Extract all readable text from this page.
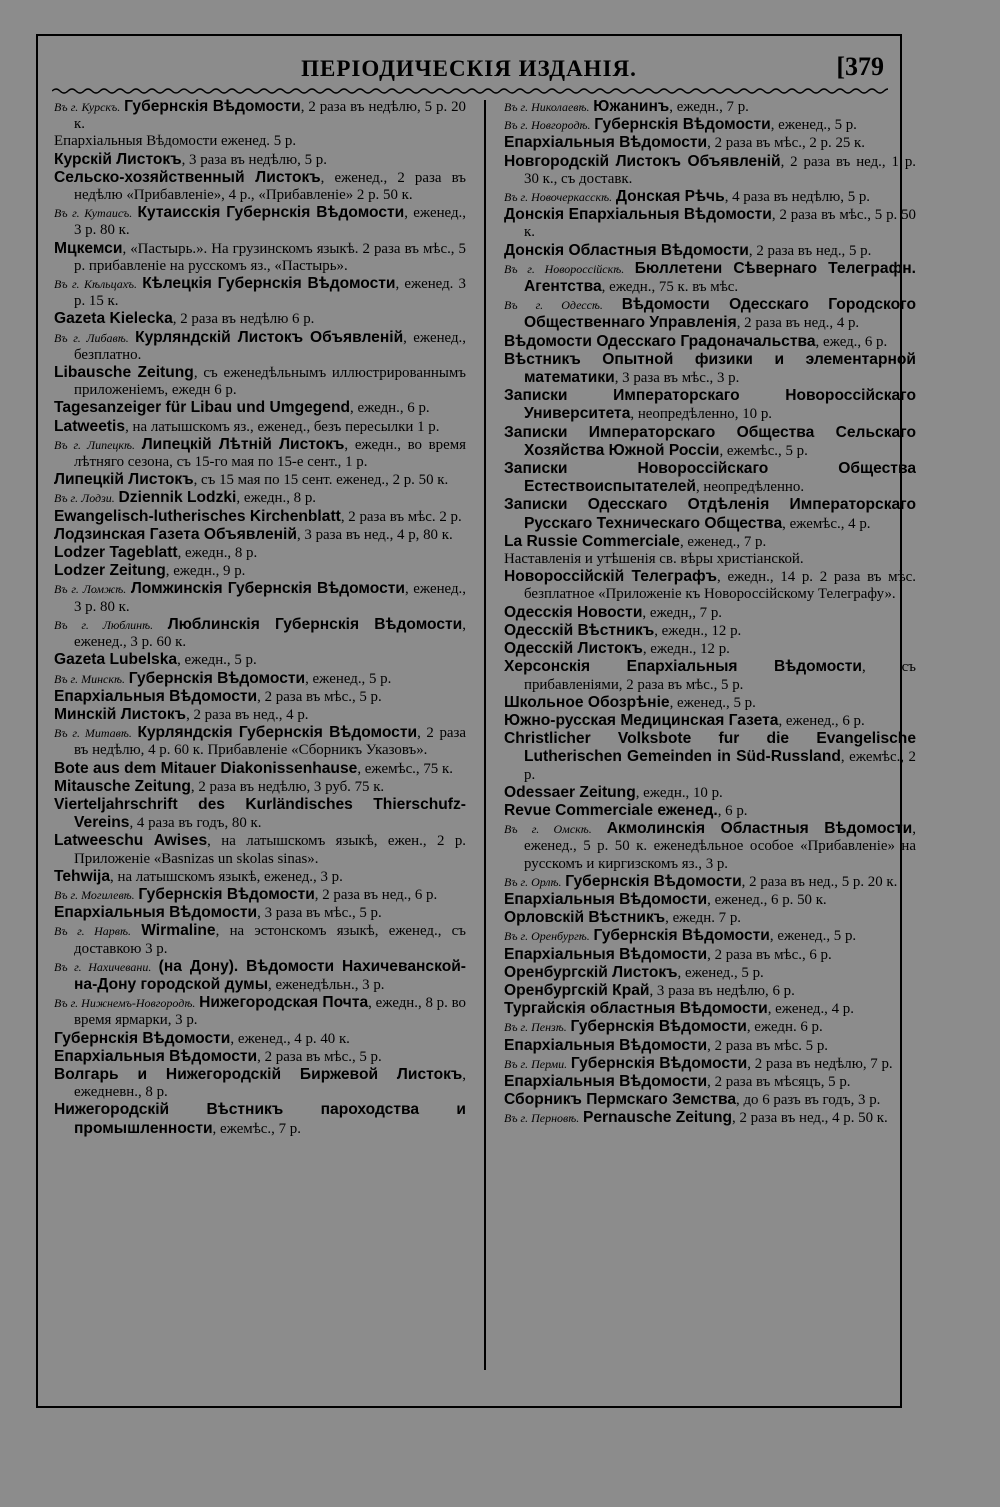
ПЕРІОДИЧЕСКІЯ ИЗДАНІЯ.	[379

Въ г. Курскъ. Губернскія Вѣдомости, 2 раза въ недѣлю, 5 р. 20 к.

Епархіальныя Вѣдомости еженед. 5 р.

Курскій Листокъ, 3 раза въ недѣлю, 5 р.

Сельско-хозяйственный Листокъ, еженед., 2 раза въ недѣлю «Прибавленіе», 4 р., «Прибавленіе» 2 р. 50 к.

Въ г. Кутаисъ. Кутаисскія Губернскія Вѣдомости, еженед., 3 р. 80 к.

Мцкемси, «Пастырь.». На грузинскомъ языкѣ. 2 раза въ мѣс., 5 р. прибавленіе на русскомъ яз., «Пастырь».

Въ г. Кѣльцахъ. Кѣлецкія Губернскія Вѣдомости, еженед. 3 р. 15 к.

Gazeta Kielecka, 2 раза въ недѣлю 6 р.

Въ г. Либавѣ. Курляндскій Листокъ Объявленій, еженед., безплатно.

Libausche Zeitung, съ еженедѣльнымъ иллюстрированнымъ приложеніемъ, ежедн 6 р.

Tagesanzeiger für Libau und Umgegend, ежедн., 6 р.

Latweetis, на латышскомъ яз., еженед., безъ пересылки 1 р.

Въ г. Липецкѣ. Липецкій Лѣтній Листокъ, ежедн., во время лѣтняго сезона, съ 15-го мая по 15-е сент., 1 р.

Липецкій Листокъ, съ 15 мая по 15 сент. еженед., 2 р. 50 к.

Въ г. Лодзи. Dziennik Lodzki, ежедн., 8 р.

Ewangelisch-lutherisches Kirchenblatt, 2 раза въ мѣс. 2 р.

Лодзинская Газета Объявленій, 3 раза въ нед., 4 р, 80 к.

Lodzer Tageblatt, ежедн., 8 р.

Lodzer Zeitung, ежедн., 9 р.

Въ г. Ломжѣ. Ломжинскія Губернскія Вѣдомости, еженед., 3 р. 80 к.

Въ г. Люблинѣ. Люблинскія Губернскія Вѣдомости, еженед., 3 р. 60 к.

Gazeta Lubelska, ежедн., 5 р.

Въ г. Минскѣ. Губернскія Вѣдомости, еженед., 5 р.

Епархіальныя Вѣдомости, 2 раза въ мѣс., 5 р.

Минскій Листокъ, 2 раза въ нед., 4 р.

Въ г. Митавѣ. Курляндскія Губернскія Вѣдомости, 2 раза въ недѣлю, 4 р. 60 к. Прибавленіе «Сборникъ Указовъ».

Bote aus dem Mitauer Diakonissenhause, ежемѣс., 75 к.

Mitausche Zeitung, 2 раза въ недѣлю, 3 руб. 75 к.

Vierteljahrschrift des Kurländisches Thierschufz-Vereins, 4 раза въ годъ, 80 к.

Latweeschu Awises, на латышскомъ языкѣ, ежен., 2 р. Приложеніе «Basnizas un skolas sinas».

Tehwija, на латышскомъ языкѣ, еженед., 3 р.

Въ г. Могилевѣ. Губернскія Вѣдомости, 2 раза въ нед., 6 р.

Епархіальныя Вѣдомости, 3 раза въ мѣс., 5 р.

Въ г. Нарвѣ. Wirmaline, на эстонскомъ языкѣ, еженед., съ доставкою 3 р.

Въ г. Нахичевани. (на Дону). Вѣдомости Нахичеванской-на-Дону городской думы, еженедѣльн., 3 р.

Въ г. Нижнемъ-Новгородѣ. Нижегородская Почта, ежедн., 8 р. во время ярмарки, 3 р.

Губернскія Вѣдомости, еженед., 4 р. 40 к.

Епархіальныя Вѣдомости, 2 раза въ мѣс., 5 р.

Волгарь и Нижегородскій Биржевой Листокъ, ежедневн., 8 р.

Нижегородскій Вѣстникъ пароходства и промышленности, ежемѣс., 7 р.

Въ г. Николаевѣ. Южанинъ, ежедн., 7 р.

Въ г. Новгородѣ. Губернскія Вѣдомости, еженед., 5 р.

Епархіальныя Вѣдомости, 2 раза въ мѣс., 2 р. 25 к.

Новгородскій Листокъ Объявленій, 2 раза въ нед., 1 р. 30 к., съ доставк.

Въ г. Новочеркасскѣ. Донская Рѣчь, 4 раза въ недѣлю, 5 р.

Донскія Епархіальныя Вѣдомости, 2 раза въ мѣс., 5 р. 50 к.

Донскія Областныя Вѣдомости, 2 раза въ нед., 5 р.

Въ г. Новороссійскѣ. Бюллетени Сѣвернаго Телеграфн. Агентства, ежедн., 75 к. въ мѣс.

Въ г. Одессѣ. Вѣдомости Одесскаго Городского Общественнаго Управленія, 2 раза въ нед., 4 р.

Вѣдомости Одесскаго Градоначальства, ежед., 6 р.

Вѣстникъ Опытной физики и элементарной математики, 3 раза въ мѣс., 3 р.

Записки Императорскаго Новороссійскаго Университета, неопредѣленно, 10 р.

Записки Императорскаго Общества Сельскаго Хозяйства Южной Россіи, ежемѣс., 5 р.

Записки Новороссійскаго Общества Естествоиспытателей, неопредѣленно.

Записки Одесскаго Отдѣленія Императорскаго Русскаго Техническаго Общества, ежемѣс., 4 р.

La Russie Commerciale, еженед., 7 р.

Наставленія и утѣшенія св. вѣры христіанской.

Новороссійскій Телеграфъ, ежедн., 14 р. 2 раза въ мѣс. безплатное «Приложеніе къ Новороссійскому Телеграфу».

Одесскія Новости, ежедн,, 7 р.

Одесскій Вѣстникъ, ежедн., 12 р.

Одесскій Листокъ, ежедн., 12 р.

Херсонскія Епархіальныя Вѣдомости, съ прибавленіями, 2 раза въ мѣс., 5 р.

Школьное Обозрѣніе, еженед., 5 р.

Южно-русская Медицинская Газета, еженед., 6 р.

Christlicher Volksbote fur die Evangelische Lutherischen Gemeinden in Süd-Russland, ежемѣс., 2 р.

Odessaer Zeitung, ежедн., 10 р.

Revue Commerciale еженед., 6 р.

Въ г. Омскѣ. Акмолинскія Областныя Вѣдомости, еженед., 5 р. 50 к. еженедѣльное особое «Прибавленіе» на русскомъ и киргизскомъ яз., 3 р.

Въ г. Орлѣ. Губернскія Вѣдомости, 2 раза въ нед., 5 р. 20 к.

Епархіальныя Вѣдомости, еженед., 6 р. 50 к.

Орловскій Вѣстникъ, ежедн. 7 р.

Въ г. Оренбургѣ. Губернскія Вѣдомости, еженед., 5 р.

Епархіальныя Вѣдомости, 2 раза въ мѣс., 6 р.

Оренбургскій Листокъ, еженед., 5 р.

Оренбургскій Край, 3 раза въ недѣлю, 6 р.

Тургайскія областныя Вѣдомости, еженед., 4 р.

Въ г. Пензѣ. Губернскія Вѣдомости, ежедн. 6 р.

Епархіальныя Вѣдомости, 2 раза въ мѣс. 5 р.

Въ г. Перми. Губернскія Вѣдомости, 2 раза въ недѣлю, 7 р.

Епархіальныя Вѣдомости, 2 раза въ мѣсяцъ, 5 р.

Сборникъ Пермскаго Земства, до 6 разъ въ годъ, 3 р.

Въ г. Перновѣ. Pernausche Zeitung, 2 раза въ нед., 4 р. 50 к.
